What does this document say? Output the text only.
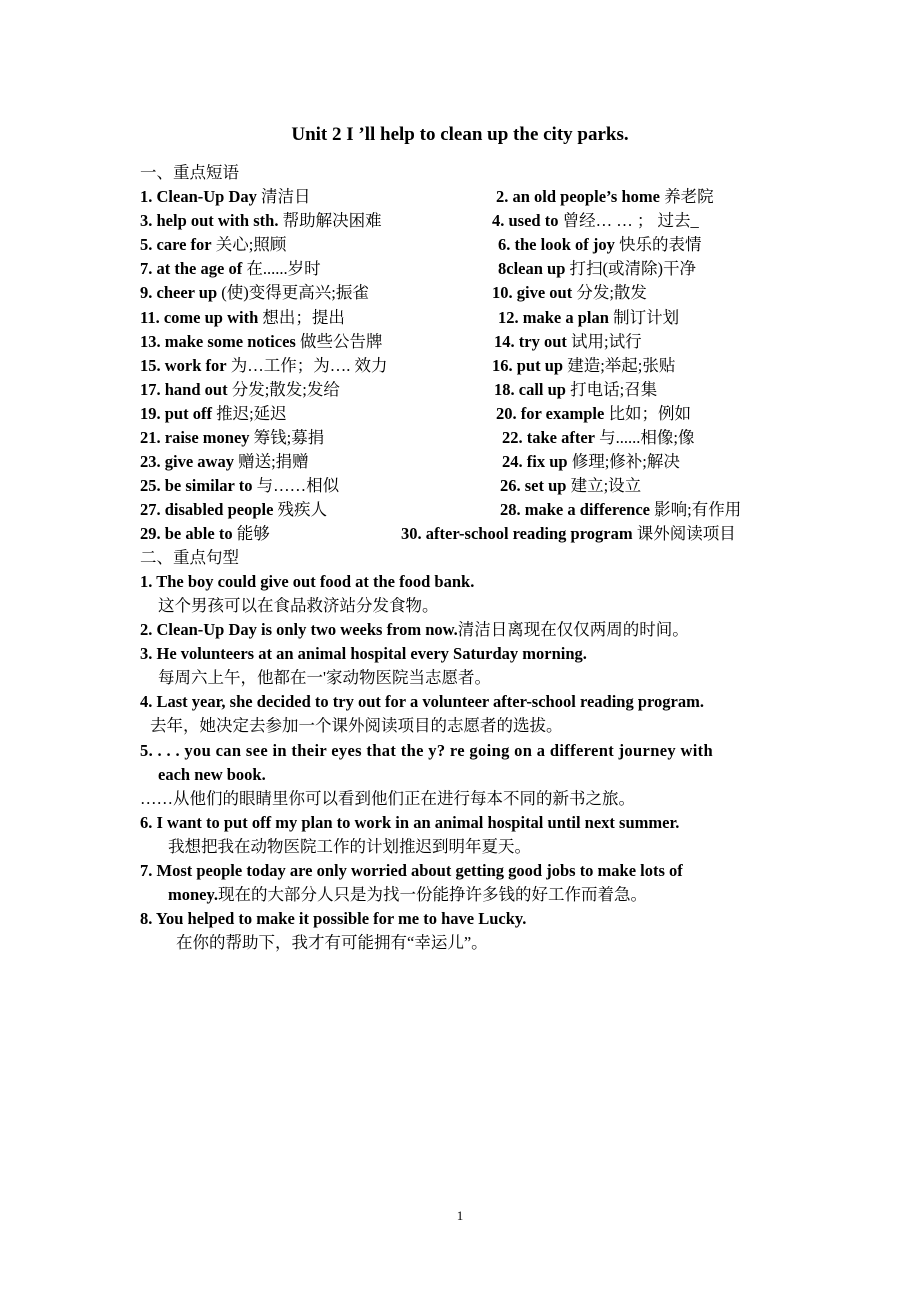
Unit 2 I ’ll help to clean up the city parks.
一、重点短语
1. Clean-Up Day 清洁日	2. an old people’s home 养老院
3. help out with sth. 帮助解决困难	4. used to 曾经… … ； 过去_
5. care for 关心;照顾	6. the look of joy 快乐的表情
7. at the age of 在......岁时	8clean up 打扫(或清除)干净
9. cheer up (使)变得更高兴;振雀	10. give out 分发;散发
11. come up with 想出；提出	12. make a plan 制订计划
13. make some notices 做些公告牌	14. try out 试用;试行
15. work for 为…工作；为…. 效力	16. put up 建造;举起;张贴
17. hand out 分发;散发;发给	18. call up 打电话;召集
19. put off 推迟;延迟	20. for example 比如；例如
21. raise money 筹钱;募捐	22. take after 与......相像;像
23. give away 赠送;捐赠	24. fix up 修理;修补;解决
25. be similar to 与……相似	26. set up 建立;设立
27. disabled people 残疾人	28. make a difference 影响;有作用
29. be able to 能够	30. after-school reading program 课外阅读项目
二、重点句型
1. The boy could give out food at the food bank.
这个男孩可以在食品救济站分发食物。
2. Clean-Up Day is only two weeks from now.清洁日离现在仅仅两周的时间。
3. He volunteers at an animal hospital every Saturday morning.
每周六上午，他都在一'家动物医院当志愿者。
4. Last year, she decided to try out for a volunteer after-school reading program.
去年，她决定去参加一个课外阅读项目的志愿者的选拔。
5. . . . you can see in their eyes that the y? re going on a different journey with
each new book.
……从他们的眼睛里你可以看到他们正在进行每本不同的新书之旅。
6. I want to put off my plan to work in an animal hospital until next summer.
我想把我在动物医院工作的计划推迟到明年夏天。
7. Most people today are only worried about getting good jobs to make lots of
money.现在的大部分人只是为找一份能挣许多钱的好工作而着急。
8. You helped to make it possible for me to have Lucky.
在你的帮助下，我才有可能拥有“幸运儿”。
1
